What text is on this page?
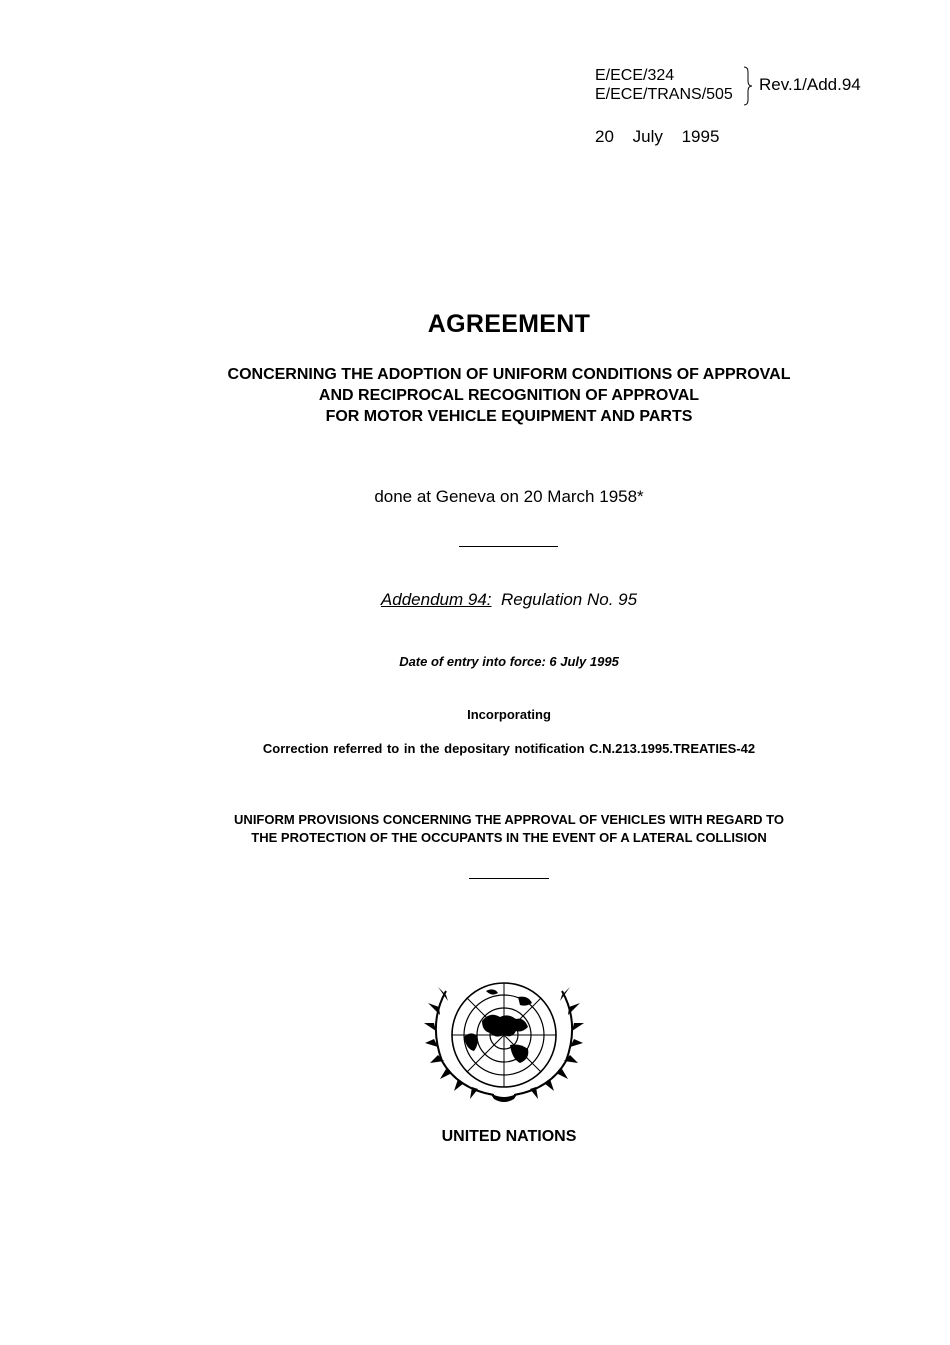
E/ECE/324
E/ECE/TRANS/505
Rev.1/Add.94
20 July 1995
AGREEMENT
CONCERNING THE ADOPTION OF UNIFORM CONDITIONS OF APPROVAL
AND RECIPROCAL RECOGNITION OF APPROVAL
FOR MOTOR VEHICLE EQUIPMENT AND PARTS
done at Geneva on 20 March 1958*
Addendum 94: Regulation No. 95
Date of entry into force: 6 July 1995
Incorporating
Correction referred to in the depositary notification C.N.213.1995.TREATIES-42
UNIFORM PROVISIONS CONCERNING THE APPROVAL OF VEHICLES WITH REGARD TO
THE PROTECTION OF THE OCCUPANTS IN THE EVENT OF A LATERAL COLLISION
UNITED NATIONS
